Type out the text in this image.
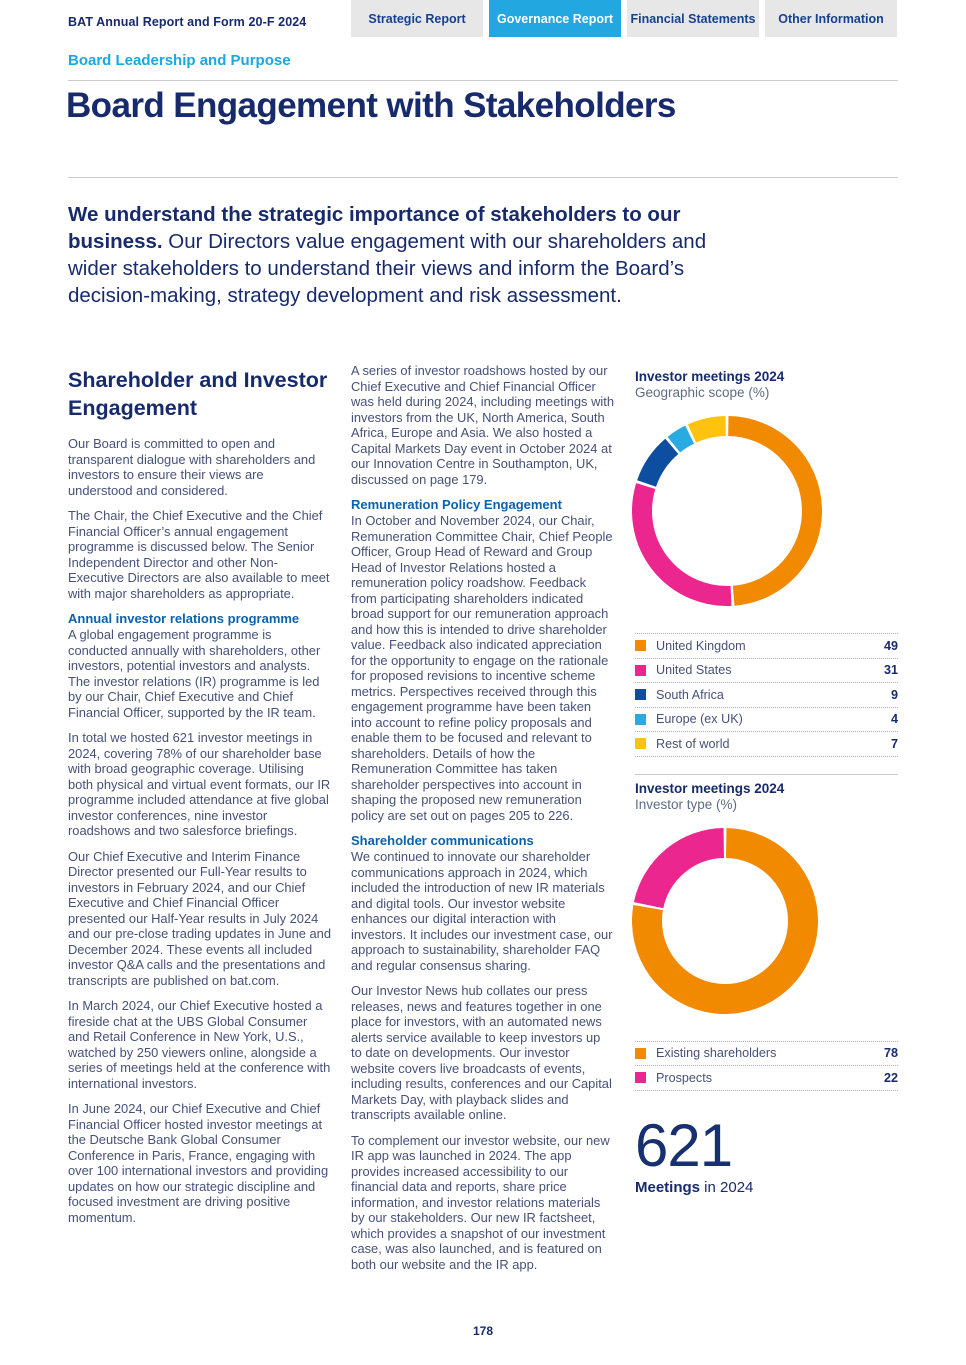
BAT Annual Report and Form 20-F 2024	Strategic Report	Governance Report	Financial Statements	Other Information
Board Leadership and Purpose
Board Engagement with Stakeholders
We understand the strategic importance of stakeholders to our business. Our Directors value engagement with our shareholders and wider stakeholders to understand their views and inform the Board’s decision-making, strategy development and risk assessment.
Shareholder and Investor Engagement

Our Board is committed to open and transparent dialogue with shareholders and investors to ensure their views are understood and considered.

The Chair, the Chief Executive and the Chief Financial Officer’s annual engagement programme is discussed below. The Senior Independent Director and other Non-Executive Directors are also available to meet with major shareholders as appropriate.

Annual investor relations programme

A global engagement programme is conducted annually with shareholders, other investors, potential investors and analysts. The investor relations (IR) programme is led by our Chair, Chief Executive and Chief Financial Officer, supported by the IR team.

In total we hosted 621 investor meetings in 2024, covering 78% of our shareholder base with broad geographic coverage. Utilising both physical and virtual event formats, our IR programme included attendance at five global investor conferences, nine investor roadshows and two salesforce briefings.

Our Chief Executive and Interim Finance Director presented our Full-Year results to investors in February 2024, and our Chief Executive and Chief Financial Officer presented our Half-Year results in July 2024 and our pre-close trading updates in June and December 2024. These events all included investor Q&A calls and the presentations and transcripts are published on bat.com.

In March 2024, our Chief Executive hosted a fireside chat at the UBS Global Consumer and Retail Conference in New York, U.S., watched by 250 viewers online, alongside a series of meetings held at the conference with international investors.

In June 2024, our Chief Executive and Chief Financial Officer hosted investor meetings at the Deutsche Bank Global Consumer Conference in Paris, France, engaging with over 100 international investors and providing updates on how our strategic discipline and focused investment are driving positive momentum.

A series of investor roadshows hosted by our Chief Executive and Chief Financial Officer was held during 2024, including meetings with investors from the UK, North America, South Africa, Europe and Asia. We also hosted a Capital Markets Day event in October 2024 at our Innovation Centre in Southampton, UK, discussed on page 179.

Remuneration Policy Engagement

In October and November 2024, our Chair, Remuneration Committee Chair, Chief People Officer, Group Head of Reward and Group Head of Investor Relations hosted a remuneration policy roadshow. Feedback from participating shareholders indicated broad support for our remuneration approach and how this is intended to drive shareholder value. Feedback also indicated appreciation for the opportunity to engage on the rationale for proposed revisions to incentive scheme metrics. Perspectives received through this engagement programme have been taken into account to refine policy proposals and enable them to be focused and relevant to shareholders. Details of how the Remuneration Committee has taken shareholder perspectives into account in shaping the proposed new remuneration policy are set out on pages 205 to 226.

Shareholder communications

We continued to innovate our shareholder communications approach in 2024, which included the introduction of new IR materials and digital tools. Our investor website enhances our digital interaction with investors. It includes our investment case, our approach to sustainability, shareholder FAQ and regular consensus sharing.

Our Investor News hub collates our press releases, news and features together in one place for investors, with an automated news alerts service available to keep investors up to date on developments. Our investor website covers live broadcasts of events, including results, conferences and our Capital Markets Day, with playback slides and transcripts available online.

To complement our investor website, our new IR app was launched in 2024. The app provides increased accessibility to our financial data and reports, share price information, and investor relations materials by our stakeholders. Our new IR factsheet, which provides a snapshot of our investment case, was also launched, and is featured on both our website and the IR app.

Investor meetings 2024
Geographic scope (%)
United Kingdom	49
United States	31
South Africa	9
Europe (ex UK)	4
Rest of world	7
Investor meetings 2024
Investor type (%)
Existing shareholders	78
Prospects	22
621
Meetings in 2024
178
